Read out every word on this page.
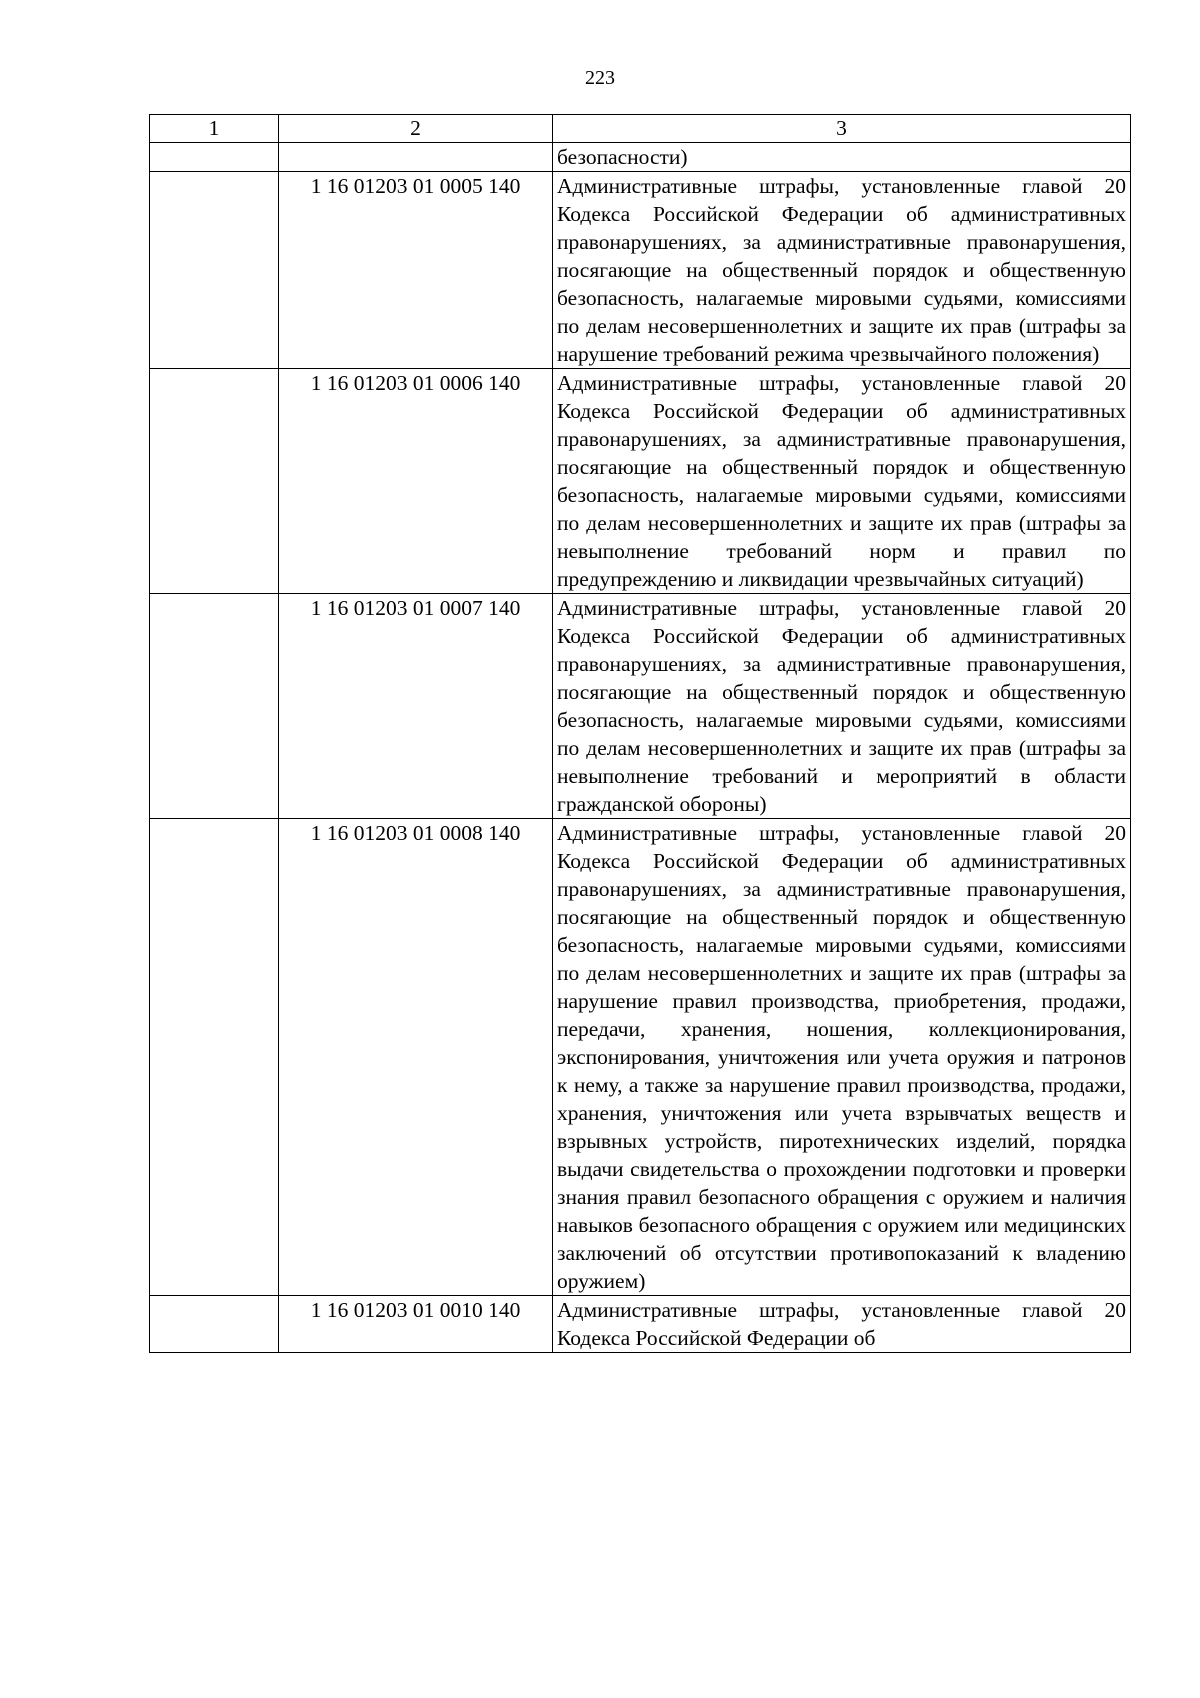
223
1	2	3
		безопасности)
	1 16 01203 01 0005 140	Административные штрафы, установленные главой 20 Кодекса Российской Федерации об административных правонарушениях, за административные правонарушения, посягающие на общественный порядок и общественную безопасность, налагаемые мировыми судьями, комиссиями по делам несовершеннолетних и защите их прав (штрафы за нарушение требований режима чрезвычайного положения)
	1 16 01203 01 0006 140	Административные штрафы, установленные главой 20 Кодекса Российской Федерации об административных правонарушениях, за административные правонарушения, посягающие на общественный порядок и общественную безопасность, налагаемые мировыми судьями, комиссиями по делам несовершеннолетних и защите их прав (штрафы за невыполнение требований норм и правил по предупреждению и ликвидации чрезвычайных ситуаций)
	1 16 01203 01 0007 140	Административные штрафы, установленные главой 20 Кодекса Российской Федерации об административных правонарушениях, за административные правонарушения, посягающие на общественный порядок и общественную безопасность, налагаемые мировыми судьями, комиссиями по делам несовершеннолетних и защите их прав (штрафы за невыполнение требований и мероприятий в области гражданской обороны)
	1 16 01203 01 0008 140	Административные штрафы, установленные главой 20 Кодекса Российской Федерации об административных правонарушениях, за административные правонарушения, посягающие на общественный порядок и общественную безопасность, налагаемые мировыми судьями, комиссиями по делам несовершеннолетних и защите их прав (штрафы за нарушение правил производства, приобретения, продажи, передачи, хранения, ношения, коллекционирования, экспонирования, уничтожения или учета оружия и патронов к нему, а также за нарушение правил производства, продажи, хранения, уничтожения или учета взрывчатых веществ и взрывных устройств, пиротехнических изделий, порядка выдачи свидетельства о прохождении подготовки и проверки знания правил безопасного обращения с оружием и наличия навыков безопасного обращения с оружием или медицинских заключений об отсутствии противопоказаний к владению оружием)
	1 16 01203 01 0010 140	Административные штрафы, установленные главой 20 Кодекса Российской Федерации об
